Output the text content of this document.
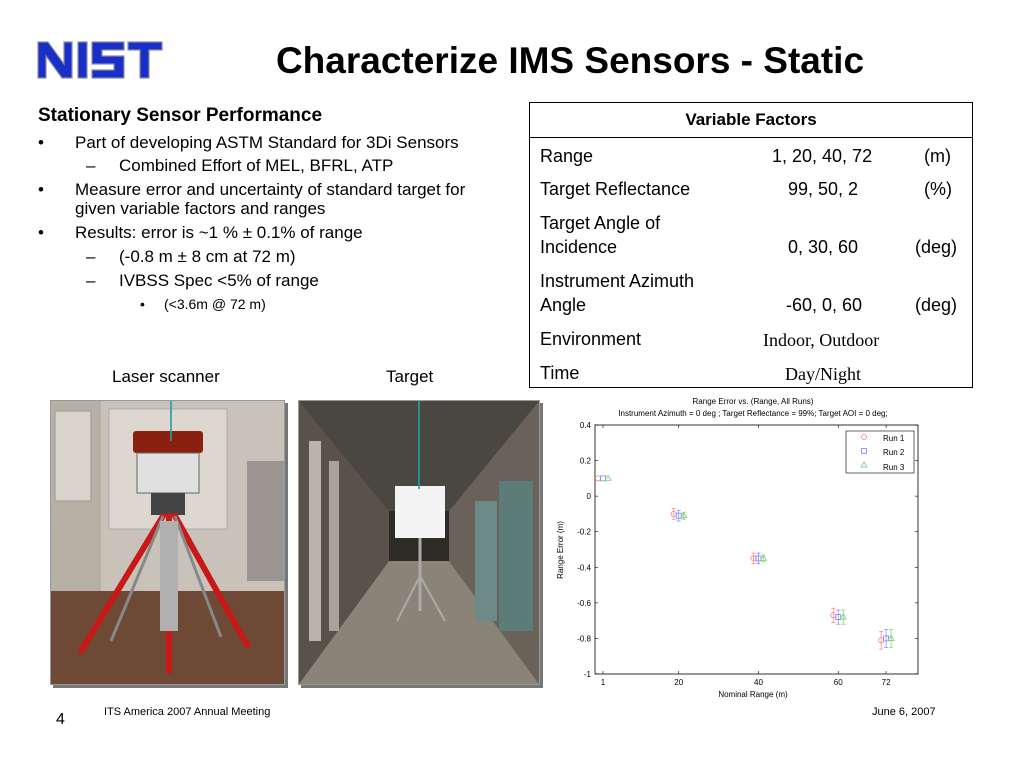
Characterize IMS Sensors - Static
Stationary Sensor Performance
• Part of developing ASTM Standard for 3Di Sensors
– Combined Effort of MEL, BFRL, ATP
• Measure error and uncertainty of standard target for
given variable factors and ranges
• Results: error is ~1 % ± 0.1% of range
– (-0.8 m ± 8 cm at 72 m)
– IVBSS Spec <5% of range
• (<3.6m @ 72 m)
Variable Factors
Range	1, 20, 40, 72	(m)
Target Reflectance	99, 50, 2	(%)
Target Angle of
Incidence	0, 30, 60	(deg)
Instrument Azimuth
Angle	-60, 0, 60	(deg)
Environment	Indoor, Outdoor
Time	Day/Night
Laser scanner	Target
Range Error vs. (Range, All Runs)
Instrument Azimuth = 0 deg ; Target Reflectance = 99%; Target AOI = 0 deg;
Range Error (m)
Nominal Range (m)
0.4
0.2
0
-0.2
-0.4
-0.6
-0.8
-1
1	20	40	60	72
Run 1
Run 2
Run 3
4	ITS America 2007 Annual Meeting	June 6, 2007
